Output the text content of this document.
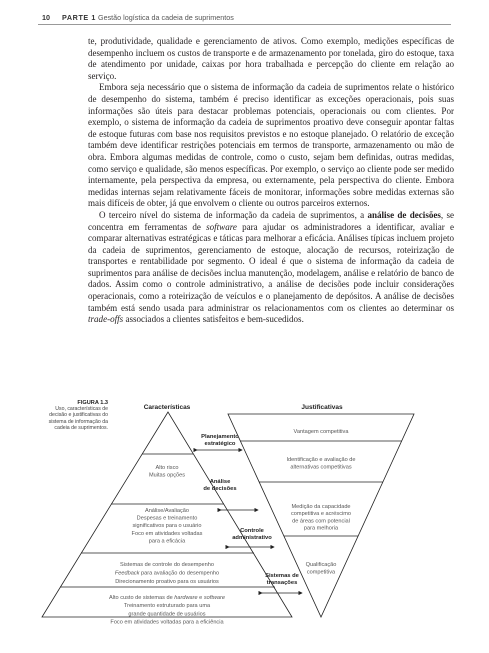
10 PARTE 1 Gestão logística da cadeia de suprimentos

te, produtividade, qualidade e gerenciamento de ativos. Como exemplo, medições específicas de desempenho incluem os custos de transporte e de armazenamento por tonelada, giro do estoque, taxa de atendimento por unidade, caixas por hora trabalhada e percepção do cliente em relação ao serviço.

Embora seja necessário que o sistema de informação da cadeia de suprimentos relate o histórico de desempenho do sistema, também é preciso identificar as exceções operacionais, pois suas informações são úteis para destacar problemas potenciais, operacionais ou com clientes. Por exemplo, o sistema de informação da cadeia de suprimentos proativo deve conseguir apontar faltas de estoque futuras com base nos requisitos previstos e no estoque planejado. O relatório de exceção também deve identificar restrições potenciais em termos de transporte, armazenamento ou mão de obra. Embora algumas medidas de controle, como o custo, sejam bem definidas, outras medidas, como serviço e qualidade, são menos específicas. Por exemplo, o serviço ao cliente pode ser medido internamente, pela perspectiva da empresa, ou externamente, pela perspectiva do cliente. Embora medidas internas sejam relativamente fáceis de monitorar, informações sobre medidas externas são mais difíceis de obter, já que envolvem o cliente ou outros parceiros externos.

O terceiro nível do sistema de informação da cadeia de suprimentos, a análise de decisões, se concentra em ferramentas de software para ajudar os administradores a identificar, avaliar e comparar alternativas estratégicas e táticas para melhorar a eficácia. Análises típicas incluem projeto da cadeia de suprimentos, gerenciamento de estoque, alocação de recursos, roteirização de transportes e rentabilidade por segmento. O ideal é que o sistema de informação da cadeia de suprimentos para análise de decisões inclua manutenção, modelagem, análise e relatório de banco de dados. Assim como o controle administrativo, a análise de decisões pode incluir considerações operacionais, como a roteirização de veículos e o planejamento de depósitos. A análise de decisões também está sendo usada para administrar os relacionamentos com os clientes ao determinar os trade-offs associados a clientes satisfeitos e bem-sucedidos.

FIGURA 1.3
Uso, características de decisão e justificativas do sistema de informação da cadeia de suprimentos.
Características	Justificativas
Alto risco
Muitas opções
Análise/Avaliação
Despesas e treinamento
significativos para o usuário
Foco em atividades voltadas
para a eficácia
Sistemas de controle do desempenho
Feedback para avaliação do desempenho
Direcionamento proativo para os usuários
Alto custo de sistemas de hardware e software
Treinamento estruturado para uma
grande quantidade de usuários
Foco em atividades voltadas para a eficiência
Vantagem competitiva
Identificação e avaliação de
alternativas competitivas
Medição da capacidade
competitiva e acréscimo
de áreas com potencial
para melhoria
Qualificação
competitiva
Planejamento
estratégico
Análise
de decisões
Controle
administrativo
Sistemas de
transações
